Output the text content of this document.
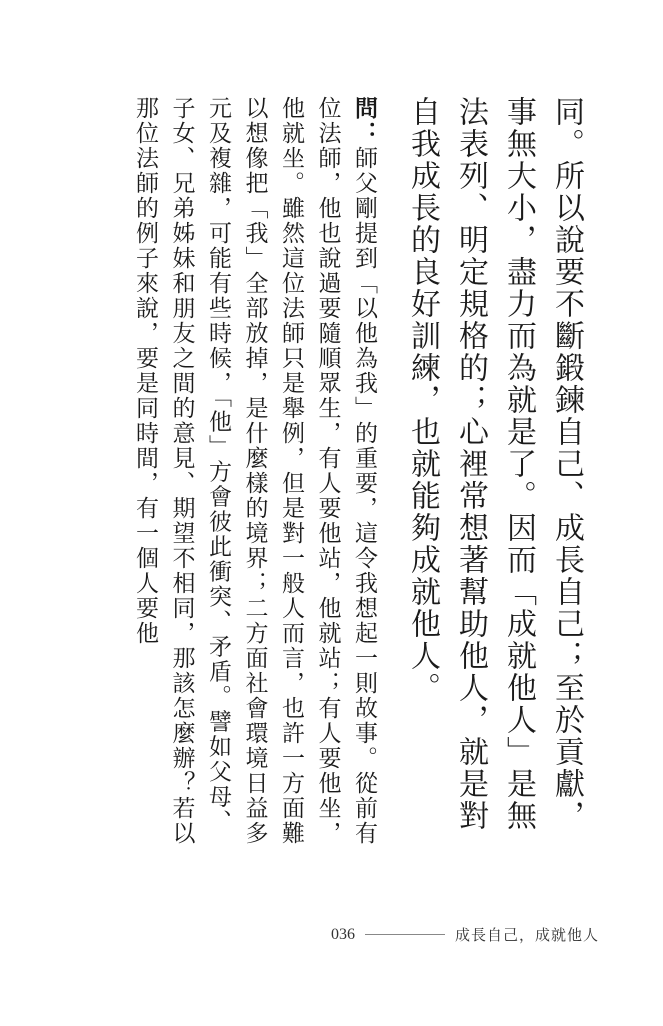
同。所以說要不斷鍛鍊自己、成長自己；至於貢獻，事無大小，盡力而為就是了。因而「成就他人」是無法表列、明定規格的；心裡常想著幫助他人，就是對自我成長的良好訓練，也就能夠成就他人。

問：師父剛提到「以他為我」的重要，這令我想起一則故事。從前有位法師，他也說過要隨順眾生，有人要他站，他就站；有人要他坐，他就坐。雖然這位法師只是舉例，但是對一般人而言，也許一方面難以想像把「我」全部放掉，是什麼樣的境界；二方面社會環境日益多元及複雜，可能有些時候，「他」方會彼此衝突、矛盾。譬如父母、子女、兄弟姊妹和朋友之間的意見、期望不相同，那該怎麼辦？若以那位法師的例子來說，要是同時間，有一個人要他

036	成長自己，成就他人
